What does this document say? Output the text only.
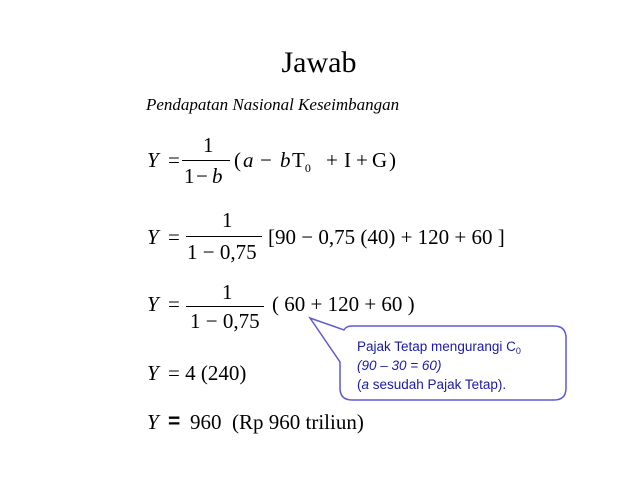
Jawab
Pendapatan Nasional Keseimbangan
Y =
1
1 − b
( a − b $T_0 + I + G$ )
Y =
1
1 − 0,75
[90 − 0,75 (40) + 120 + 60 ]
Y = 1
1 − 0,75
( 60 + 120 + 60 )
Y = 4 (240)
Y = 960 (Rp 960 triliun)
Pajak Tetap mengurangi $C_0$
(90 – 30 = 60)
(a sesudah Pajak Tetap).
